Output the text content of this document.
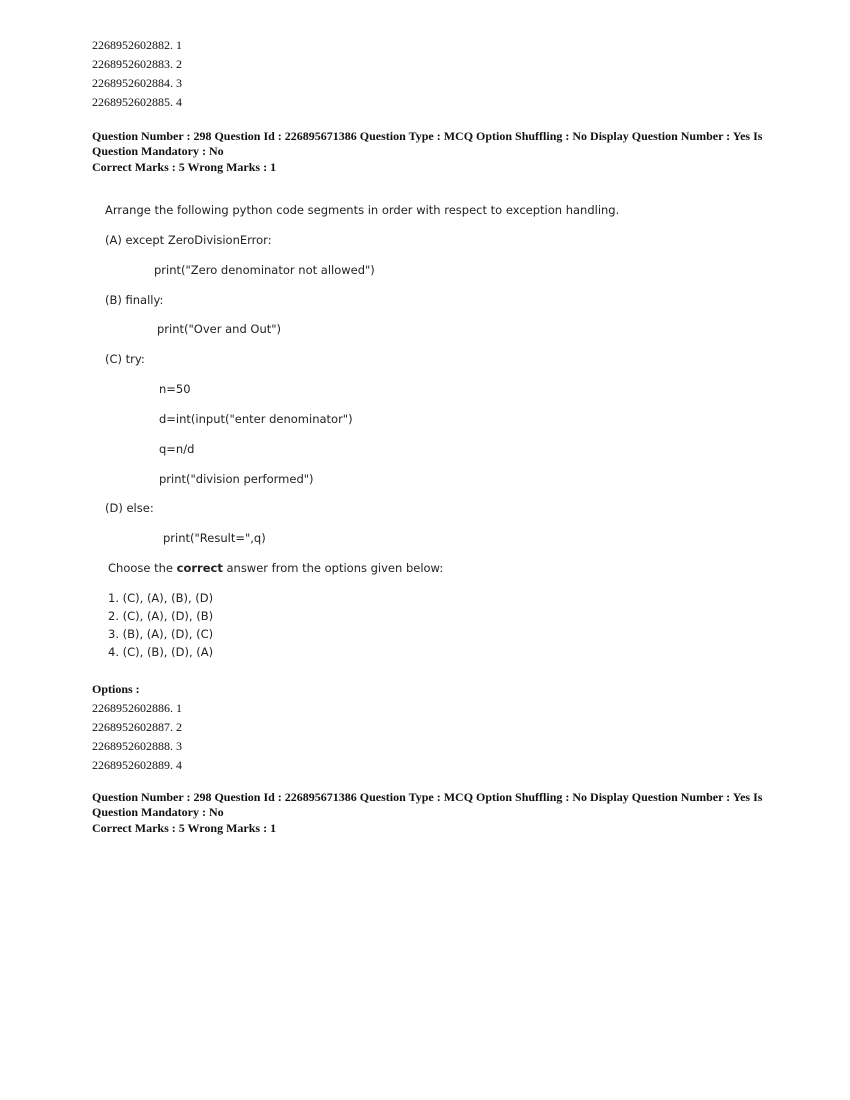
2268952602882. 1
2268952602883. 2
2268952602884. 3
2268952602885. 4
Question Number : 298 Question Id : 226895671386 Question Type : MCQ Option Shuffling : No Display Question Number : Yes Is
Question Mandatory : No
Correct Marks : 5 Wrong Marks : 1
Arrange the following python code segments in order with respect to exception handling.
(A) except ZeroDivisionError:
print("Zero denominator not allowed")
(B) finally:
print("Over and Out")
(C) try:
n=50
d=int(input("enter denominator")
q=n/d
print("division performed")
(D) else:
print("Result=",q)
Choose the correct answer from the options given below:
1. (C), (A), (B), (D)
2. (C), (A), (D), (B)
3. (B), (A), (D), (C)
4. (C), (B), (D), (A)
Options :
2268952602886. 1
2268952602887. 2
2268952602888. 3
2268952602889. 4
Question Number : 298 Question Id : 226895671386 Question Type : MCQ Option Shuffling : No Display Question Number : Yes Is
Question Mandatory : No
Correct Marks : 5 Wrong Marks : 1
